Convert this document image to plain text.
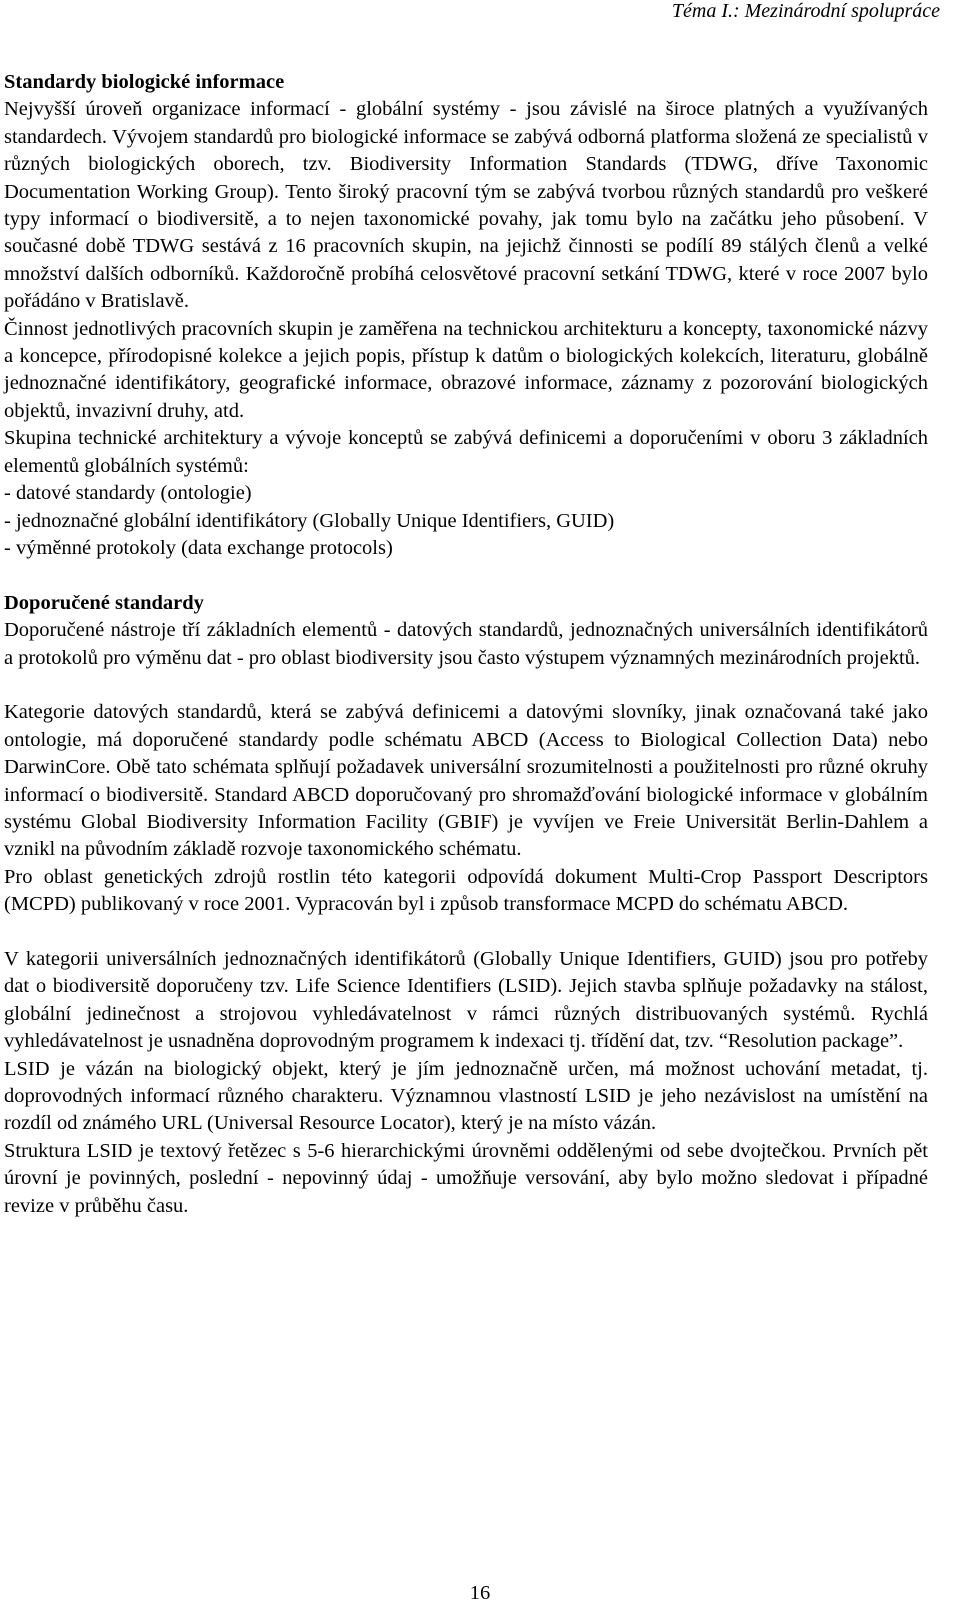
Téma I.: Mezinárodní spolupráce
Standardy biologické informace

Nejvyšší úroveň organizace informací - globální systémy - jsou závislé na široce platných a využívaných standardech. Vývojem standardů pro biologické informace se zabývá odborná platforma složená ze specialistů v různých biologických oborech, tzv. Biodiversity Information Standards (TDWG, dříve Taxonomic Documentation Working Group). Tento široký pracovní tým se zabývá tvorbou různých standardů pro veškeré typy informací o biodiversitě, a to nejen taxonomické povahy, jak tomu bylo na začátku jeho působení. V současné době TDWG sestává z 16 pracovních skupin, na jejichž činnosti se podílí 89 stálých členů a velké množství dalších odborníků. Každoročně probíhá celosvětové pracovní setkání TDWG, které v roce 2007 bylo pořádáno v Bratislavě.

Činnost jednotlivých pracovních skupin je zaměřena na technickou architekturu a koncepty, taxonomické názvy a koncepce, přírodopisné kolekce a jejich popis, přístup k datům o biologických kolekcích, literaturu, globálně jednoznačné identifikátory, geografické informace, obrazové informace, záznamy z pozorování biologických objektů, invazivní druhy, atd.

Skupina technické architektury a vývoje konceptů se zabývá definicemi a doporučeními v oboru 3 základních elementů globálních systémů:

- datové standardy (ontologie)

- jednoznačné globální identifikátory (Globally Unique Identifiers, GUID)

- výměnné protokoly (data exchange protocols)

Doporučené standardy

Doporučené nástroje tří základních elementů - datových standardů, jednoznačných universálních identifikátorů a protokolů pro výměnu dat - pro oblast biodiversity jsou často výstupem významných mezinárodních projektů.

Kategorie datových standardů, která se zabývá definicemi a datovými slovníky, jinak označovaná také jako ontologie, má doporučené standardy podle schématu ABCD (Access to Biological Collection Data) nebo DarwinCore. Obě tato schémata splňují požadavek universální srozumitelnosti a použitelnosti pro různé okruhy informací o biodiversitě. Standard ABCD doporučovaný pro shromažďování biologické informace v globálním systému Global Biodiversity Information Facility (GBIF) je vyvíjen ve Freie Universität Berlin-Dahlem a vznikl na původním základě rozvoje taxonomického schématu.

Pro oblast genetických zdrojů rostlin této kategorii odpovídá dokument Multi-Crop Passport Descriptors (MCPD) publikovaný v roce 2001. Vypracován byl i způsob transformace MCPD do schématu ABCD.

V kategorii universálních jednoznačných identifikátorů (Globally Unique Identifiers, GUID) jsou pro potřeby dat o biodiversitě doporučeny tzv. Life Science Identifiers (LSID). Jejich stavba splňuje požadavky na stálost, globální jedinečnost a strojovou vyhledávatelnost v rámci různých distribuovaných systémů. Rychlá vyhledávatelnost je usnadněna doprovodným programem k indexaci tj. třídění dat, tzv. “Resolution package”.

LSID je vázán na biologický objekt, který je jím jednoznačně určen, má možnost uchování metadat, tj. doprovodných informací různého charakteru. Významnou vlastností LSID je jeho nezávislost na umístění na rozdíl od známého URL (Universal Resource Locator), který je na místo vázán.

Struktura LSID je textový řetězec s 5-6 hierarchickými úrovněmi oddělenými od sebe dvojtečkou. Prvních pět úrovní je povinných, poslední - nepovinný údaj - umožňuje versování, aby bylo možno sledovat i případné revize v průběhu času.

16
